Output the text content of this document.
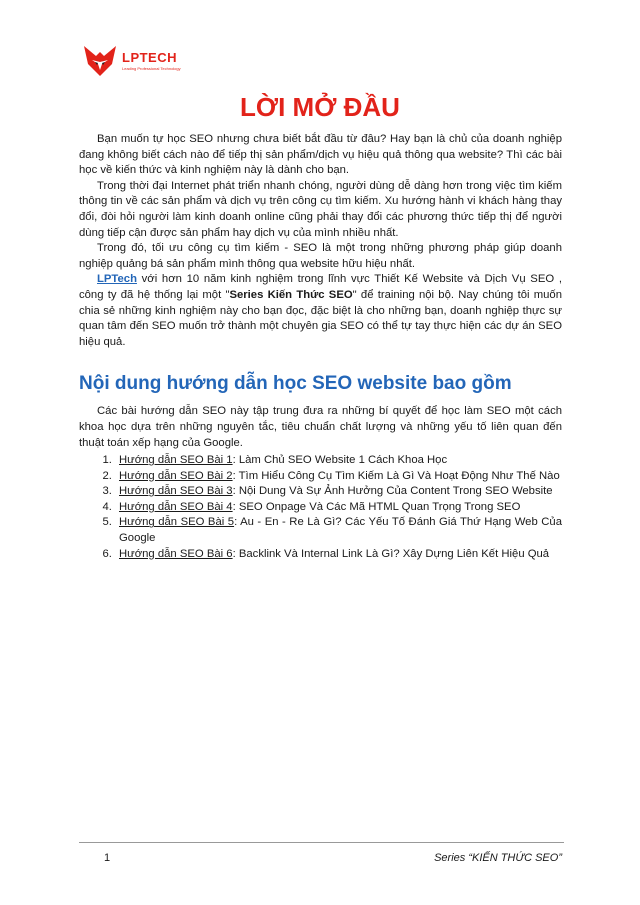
LPTECH
Leading Professional Technology
LỜI MỞ ĐẦU

Bạn muốn tự học SEO nhưng chưa biết bắt đầu từ đâu? Hay bạn là chủ của doanh nghiệp đang không biết cách nào để tiếp thị sản phẩm/dịch vụ hiệu quả thông qua website? Thì các bài học về kiến thức và kinh nghiệm này là dành cho bạn.

Trong thời đại Internet phát triển nhanh chóng, người dùng dễ dàng hơn trong việc tìm kiếm thông tin về các sản phẩm và dịch vụ trên công cụ tìm kiếm. Xu hướng hành vi khách hàng thay đổi, đòi hỏi người làm kinh doanh online cũng phải thay đổi các phương thức tiếp thị để người dùng tiếp cận được sản phẩm hay dịch vụ của mình nhiều nhất.

Trong đó, tối ưu công cụ tìm kiếm - SEO là một trong những phương pháp giúp doanh nghiệp quảng bá sản phẩm mình thông qua website hữu hiệu nhất.

LPTech với hơn 10 năm kinh nghiệm trong lĩnh vực Thiết Kế Website và Dịch Vụ SEO , công ty đã hệ thống lại một "Series Kiến Thức SEO" để training nội bộ. Nay chúng tôi muốn chia sẻ những kinh nghiệm này cho bạn đọc, đặc biệt là cho những bạn, doanh nghiệp thực sự quan tâm đến SEO muốn trở thành một chuyên gia SEO có thể tự tay thực hiện các dự án SEO hiệu quả.

Nội dung hướng dẫn học SEO website bao gồm

Các bài hướng dẫn SEO này tập trung đưa ra những bí quyết để học làm SEO một cách khoa học dựa trên những nguyên tắc, tiêu chuẩn chất lượng và những yếu tố liên quan đến thuật toán xếp hạng của Google.

1. Hướng dẫn SEO Bài 1: Làm Chủ SEO Website 1 Cách Khoa Học
2. Hướng dẫn SEO Bài 2: Tìm Hiểu Công Cụ Tìm Kiếm Là Gì Và Hoạt Động Như Thế Nào
3. Hướng dẫn SEO Bài 3: Nội Dung Và Sự Ảnh Hưởng Của Content Trong SEO Website
4. Hướng dẫn SEO Bài 4: SEO Onpage Và Các Mã HTML Quan Trọng Trong SEO
5. Hướng dẫn SEO Bài 5: Au - En - Re Là Gì? Các Yếu Tố Đánh Giá Thứ Hạng Web Của Google
6. Hướng dẫn SEO Bài 6: Backlink Và Internal Link Là Gì? Xây Dựng Liên Kết Hiệu Quả
1	Series “KIẾN THỨC SEO”
